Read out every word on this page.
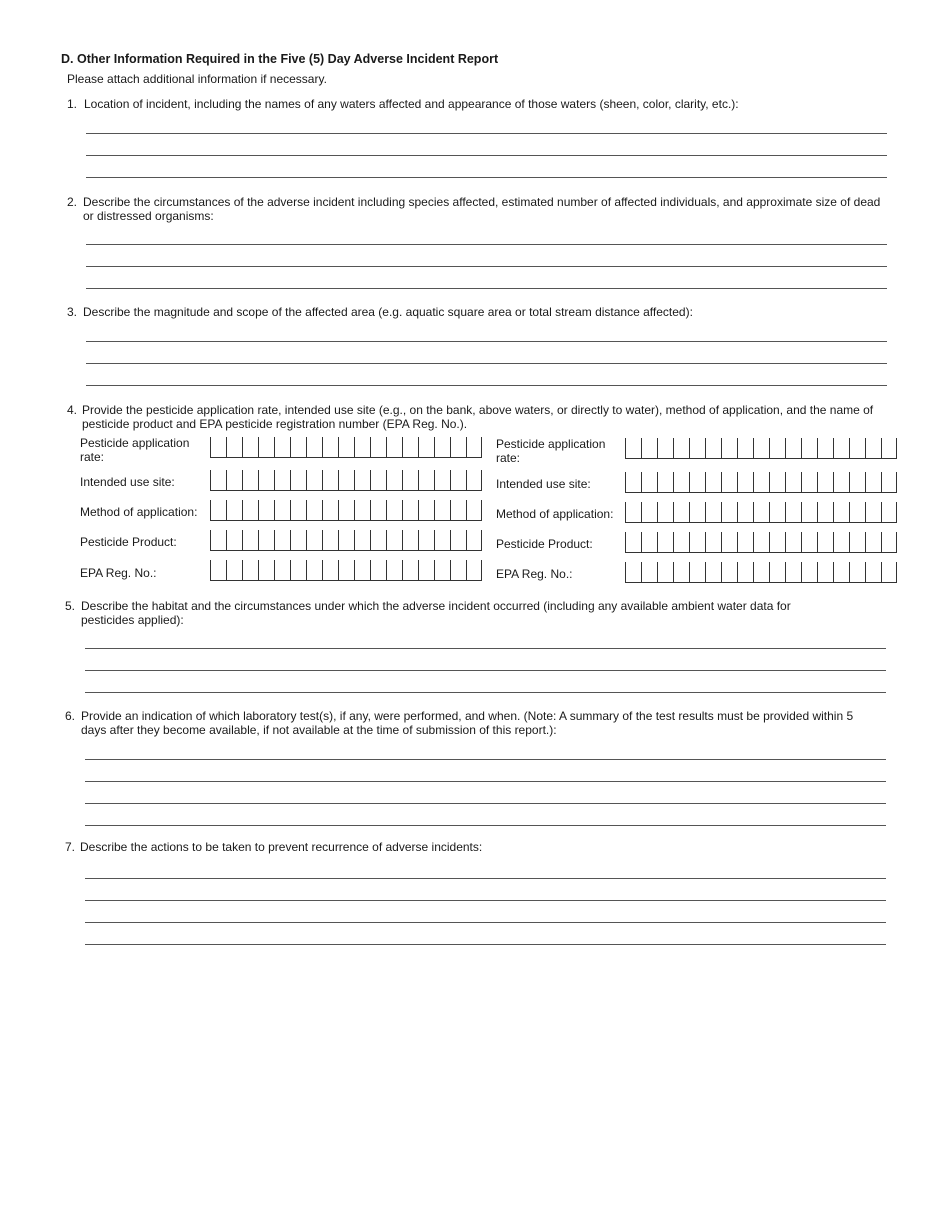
D. Other Information Required in the Five (5) Day Adverse Incident Report
Please attach additional information if necessary.
1. Location of incident, including the names of any waters affected and appearance of those waters (sheen, color, clarity, etc.):
2. Describe the circumstances of the adverse incident including species affected, estimated number of affected individuals, and approximate size of dead or distressed organisms:
3. Describe the magnitude and scope of the affected area (e.g. aquatic square area or total stream distance affected):
4. Provide the pesticide application rate, intended use site (e.g., on the bank, above waters, or directly to water), method of application, and the name of pesticide product and EPA pesticide registration number (EPA Reg. No.).
Pesticide application rate:
Intended use site:
Method of application:
Pesticide Product:
EPA Reg. No.:
Pesticide application rate:
Intended use site:
Method of application:
Pesticide Product:
EPA Reg. No.:
5. Describe the habitat and the circumstances under which the adverse incident occurred (including any available ambient water data for pesticides applied):
6. Provide an indication of which laboratory test(s), if any, were performed, and when. (Note: A summary of the test results must be provided within 5 days after they become available, if not available at the time of submission of this report.):
7. Describe the actions to be taken to prevent recurrence of adverse incidents:
